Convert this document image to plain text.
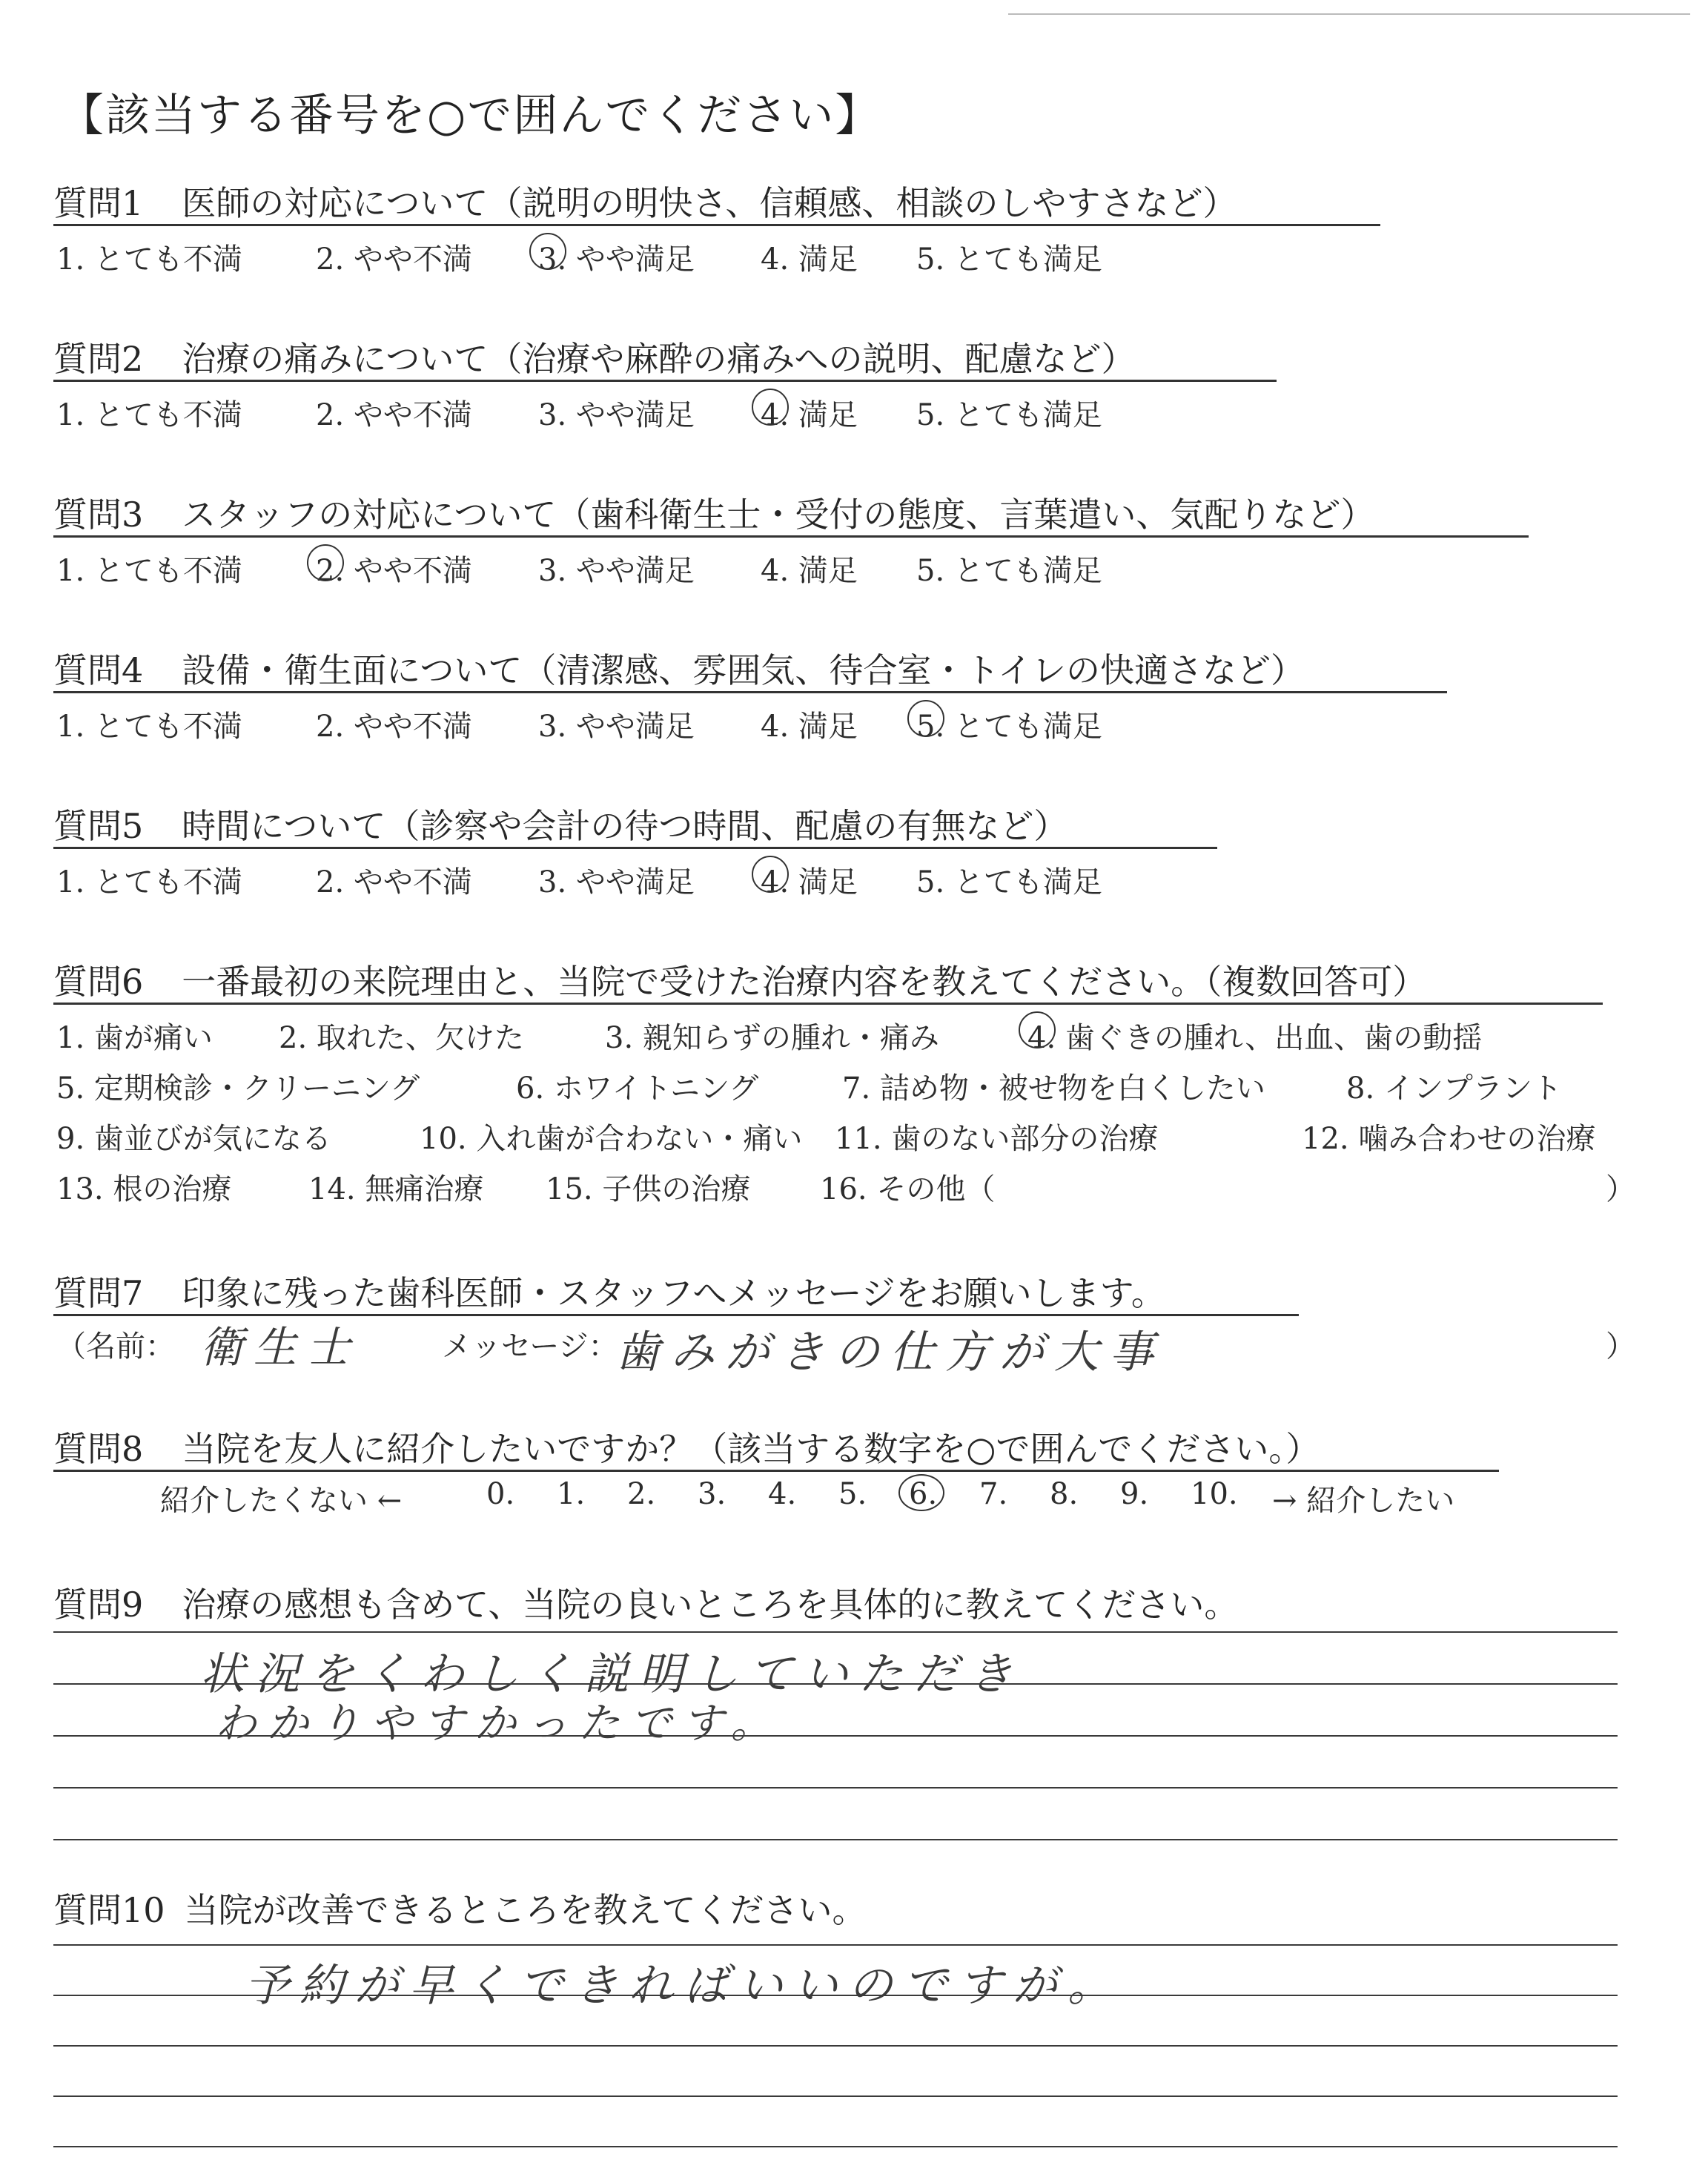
【該当する番号を○で囲んでください】
質問1 医師の対応について（説明の明快さ、信頼感、相談のしやすさなど）
1. とても不満 2. やや不満 3. やや満足 4. 満足 5. とても満足
質問2 治療の痛みについて（治療や麻酔の痛みへの説明、配慮など）
1. とても不満 2. やや不満 3. やや満足 4. 満足 5. とても満足
質問3 スタッフの対応について（歯科衛生士・受付の態度、言葉遣い、気配りなど）
1. とても不満 2. やや不満 3. やや満足 4. 満足 5. とても満足
質問4 設備・衛生面について（清潔感、雰囲気、待合室・トイレの快適さなど）
1. とても不満 2. やや不満 3. やや満足 4. 満足 5. とても満足
質問5 時間について（診察や会計の待つ時間、配慮の有無など）
1. とても不満 2. やや不満 3. やや満足 4. 満足 5. とても満足
質問6 一番最初の来院理由と、当院で受けた治療内容を教えてください。（複数回答可）
1. 歯が痛い 2. 取れた、欠けた	3. 親知らずの腫れ・痛み	4. 歯ぐきの腫れ、出血、歯の動揺
5. 定期検診・クリーニング	6. ホワイトニング	7. 詰め物・被せ物を白くしたい	8. インプラント
9. 歯並びが気になる	10. 入れ歯が合わない・痛い 11. 歯のない部分の治療	12. 噛み合わせの治療
13. 根の治療	14. 無痛治療 15. 子供の治療 16. その他（	）
質問7 印象に残った歯科医師・スタッフへメッセージをお願いします。
（名前：	メッセージ：	）
衛生士	歯みがきの仕方が大事
質問8 当院を友人に紹介したいですか？（該当する数字を○で囲んでください。）
紹介したくない ←	0. 1. 2. 3. 4. 5. 6. 7. 8. 9. 10. → 紹介したい
質問9 治療の感想も含めて、当院の良いところを具体的に教えてください。
状況をくわしく説明していただき
わかりやすかったです。
質問10 当院が改善できるところを教えてください。
予約が早くできればいいのですが。
